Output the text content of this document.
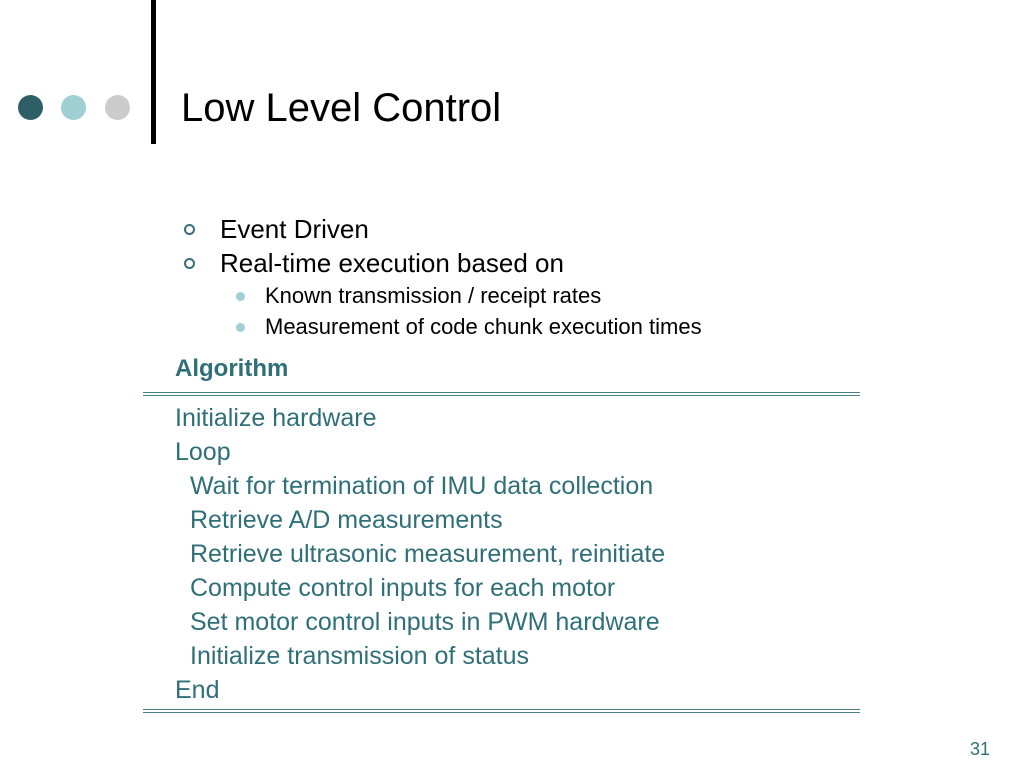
Low Level Control
Event Driven
Real-time execution based on
Known transmission / receipt rates
Measurement of code chunk execution times
Algorithm
Initialize hardware
Loop
Wait for termination of IMU data collection
Retrieve A/D measurements
Retrieve ultrasonic measurement, reinitiate
Compute control inputs for each motor
Set motor control inputs in PWM hardware
Initialize transmission of status
End
31
